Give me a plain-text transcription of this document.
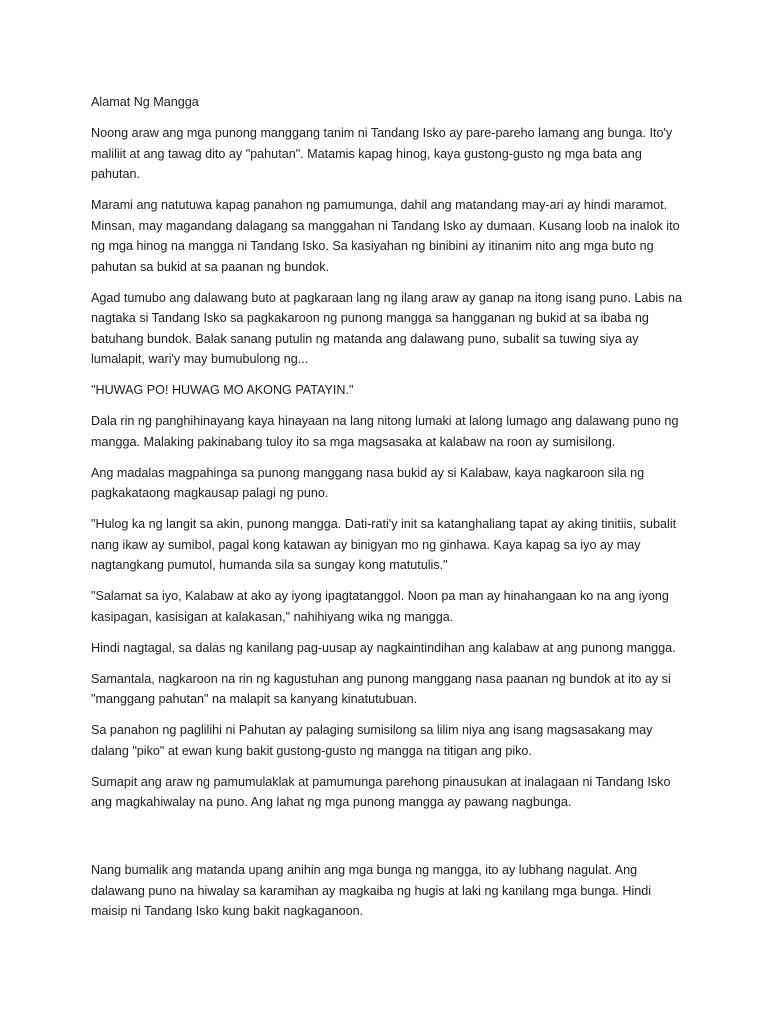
Alamat Ng Mangga

Noong araw ang mga punong manggang tanim ni Tandang Isko ay pare-pareho lamang ang bunga. Ito'y maliliit at ang tawag dito ay "pahutan". Matamis kapag hinog, kaya gustong-gusto ng mga bata ang pahutan.

Marami ang natutuwa kapag panahon ng pamumunga, dahil ang matandang may-ari ay hindi maramot. Minsan, may magandang dalagang sa manggahan ni Tandang Isko ay dumaan. Kusang loob na inalok ito ng mga hinog na mangga ni Tandang Isko. Sa kasiyahan ng binibini ay itinanim nito ang mga buto ng pahutan sa bukid at sa paanan ng bundok.

Agad tumubo ang dalawang buto at pagkaraan lang ng ilang araw ay ganap na itong isang puno. Labis na nagtaka si Tandang Isko sa pagkakaroon ng punong mangga sa hangganan ng bukid at sa ibaba ng batuhang bundok. Balak sanang putulin ng matanda ang dalawang puno, subalit sa tuwing siya ay lumalapit, wari'y may bumubulong ng...

"HUWAG PO! HUWAG MO AKONG PATAYIN."

Dala rin ng panghihinayang kaya hinayaan na lang nitong lumaki at lalong lumago ang dalawang puno ng mangga. Malaking pakinabang tuloy ito sa mga magsasaka at kalabaw na roon ay sumisilong.

Ang madalas magpahinga sa punong manggang nasa bukid ay si Kalabaw, kaya nagkaroon sila ng pagkakataong magkausap palagi ng puno.

"Hulog ka ng langit sa akin, punong mangga. Dati-rati'y init sa katanghaliang tapat ay aking tinitiis, subalit nang ikaw ay sumibol, pagal kong katawan ay binigyan mo ng ginhawa. Kaya kapag sa iyo ay may nagtangkang pumutol, humanda sila sa sungay kong matutulis."

"Salamat sa iyo, Kalabaw at ako ay iyong ipagtatanggol. Noon pa man ay hinahangaan ko na ang iyong kasipagan, kasisigan at kalakasan," nahihiyang wika ng mangga.

Hindi nagtagal, sa dalas ng kanilang pag-uusap ay nagkaintindihan ang kalabaw at ang punong mangga.

Samantala, nagkaroon na rin ng kagustuhan ang punong manggang nasa paanan ng bundok at ito ay si "manggang pahutan" na malapit sa kanyang kinatutubuan.

Sa panahon ng paglilihi ni Pahutan ay palaging sumisilong sa lilim niya ang isang magsasakang may dalang "piko" at ewan kung bakit gustong-gusto ng mangga na titigan ang piko.

Sumapit ang araw ng pamumulaklak at pamumunga parehong pinausukan at inalagaan ni Tandang Isko ang magkahiwalay na puno. Ang lahat ng mga punong mangga ay pawang nagbunga.

Nang bumalik ang matanda upang anihin ang mga bunga ng mangga, ito ay lubhang nagulat. Ang dalawang puno na hiwalay sa karamihan ay magkaiba ng hugis at laki ng kanilang mga bunga. Hindi maisip ni Tandang Isko kung bakit nagkaganoon.
